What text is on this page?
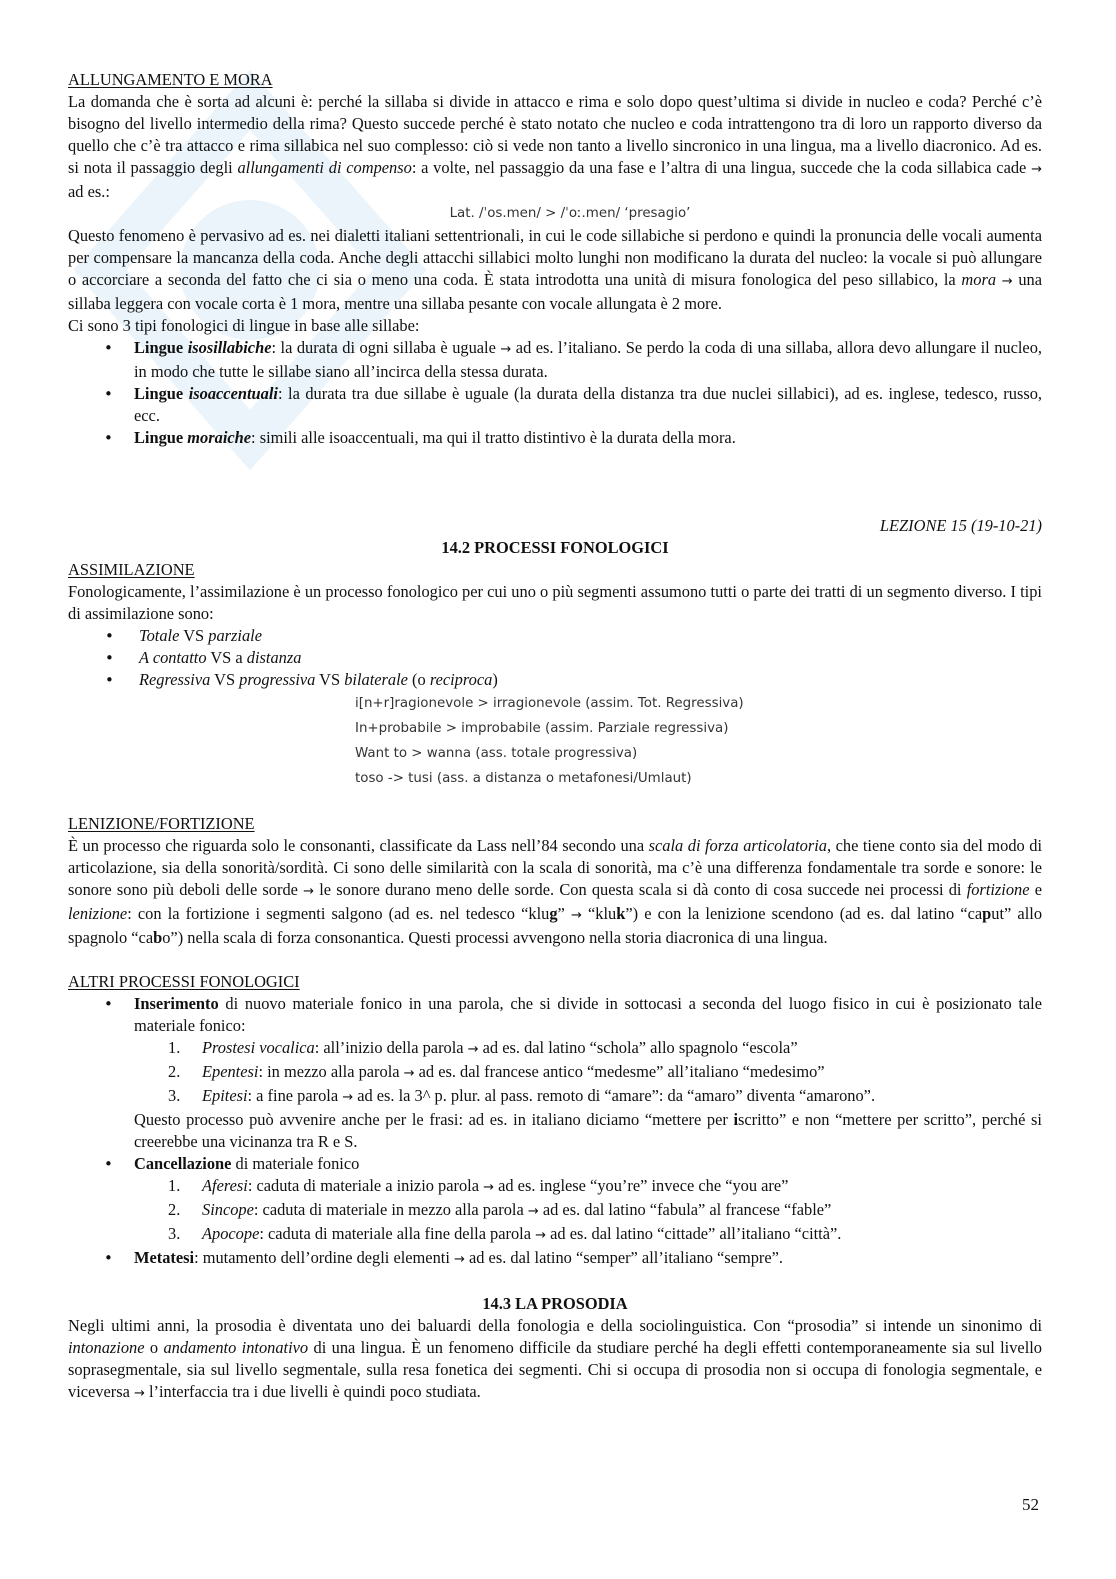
ALLUNGAMENTO E MORA

La domanda che è sorta ad alcuni è: perché la sillaba si divide in attacco e rima e solo dopo quest’ultima si divide in nucleo e coda? Perché c’è bisogno del livello intermedio della rima? Questo succede perché è stato notato che nucleo e coda intrattengono tra di loro un rapporto diverso da quello che c’è tra attacco e rima sillabica nel suo complesso: ciò si vede non tanto a livello sincronico in una lingua, ma a livello diacronico. Ad es. si nota il passaggio degli allungamenti di compenso: a volte, nel passaggio da una fase e l’altra di una lingua, succede che la coda sillabica cade → ad es.:

Lat. /ˈos.men/ > /ˈoː.men/ ‘presagio’

Questo fenomeno è pervasivo ad es. nei dialetti italiani settentrionali, in cui le code sillabiche si perdono e quindi la pronuncia delle vocali aumenta per compensare la mancanza della coda. Anche degli attacchi sillabici molto lunghi non modificano la durata del nucleo: la vocale si può allungare o accorciare a seconda del fatto che ci sia o meno una coda. È stata introdotta una unità di misura fonologica del peso sillabico, la mora → una sillaba leggera con vocale corta è 1 mora, mentre una sillaba pesante con vocale allungata è 2 more.

Ci sono 3 tipi fonologici di lingue in base alle sillabe:

• Lingue isosillabiche: la durata di ogni sillaba è uguale → ad es. l’italiano. Se perdo la coda di una sillaba, allora devo allungare il nucleo, in modo che tutte le sillabe siano all’incirca della stessa durata.
• Lingue isoaccentuali: la durata tra due sillabe è uguale (la durata della distanza tra due nuclei sillabici), ad es. inglese, tedesco, russo, ecc.
• Lingue moraiche: simili alle isoaccentuali, ma qui il tratto distintivo è la durata della mora.
LEZIONE 15 (19-10-21)
14.2 PROCESSI FONOLOGICI
ASSIMILAZIONE

Fonologicamente, l’assimilazione è un processo fonologico per cui uno o più segmenti assumono tutti o parte dei tratti di un segmento diverso. I tipi di assimilazione sono:

• Totale VS parziale
• A contatto VS a distanza
• Regressiva VS progressiva VS bilaterale (o reciproca)
i[n+r]ragionevole > irragionevole (assim. Tot. Regressiva)
In+probabile > improbabile (assim. Parziale regressiva)
Want to > wanna (ass. totale progressiva)
toso -> tusi (ass. a distanza o metafonesi/Umlaut)
LENIZIONE/FORTIZIONE

È un processo che riguarda solo le consonanti, classificate da Lass nell’84 secondo una scala di forza articolatoria, che tiene conto sia del modo di articolazione, sia della sonorità/sordità. Ci sono delle similarità con la scala di sonorità, ma c’è una differenza fondamentale tra sorde e sonore: le sonore sono più deboli delle sorde → le sonore durano meno delle sorde. Con questa scala si dà conto di cosa succede nei processi di fortizione e lenizione: con la fortizione i segmenti salgono (ad es. nel tedesco “klug” → “kluk”) e con la lenizione scendono (ad es. dal latino “caput” allo spagnolo “cabo”) nella scala di forza consonantica. Questi processi avvengono nella storia diacronica di una lingua.

ALTRI PROCESSI FONOLOGICI
• Inserimento di nuovo materiale fonico in una parola, che si divide in sottocasi a seconda del luogo fisico in cui è posizionato tale materiale fonico:
1. Prostesi vocalica: all’inizio della parola → ad es. dal latino “schola” allo spagnolo “escola”
2. Epentesi: in mezzo alla parola → ad es. dal francese antico “medesme” all’italiano “medesimo”
3. Epitesi: a fine parola → ad es. la 3^ p. plur. al pass. remoto di “amare”: da “amaro” diventa “amarono”.
Questo processo può avvenire anche per le frasi: ad es. in italiano diciamo “mettere per iscritto” e non “mettere per scritto”, perché si creerebbe una vicinanza tra R e S.
• Cancellazione di materiale fonico
1. Aferesi: caduta di materiale a inizio parola → ad es. inglese “you’re” invece che “you are”
2. Sincope: caduta di materiale in mezzo alla parola → ad es. dal latino “fabula” al francese “fable”
3. Apocope: caduta di materiale alla fine della parola → ad es. dal latino “cittade” all’italiano “città”.
• Metatesi: mutamento dell’ordine degli elementi → ad es. dal latino “semper” all’italiano “sempre”.
14.3 LA PROSODIA

Negli ultimi anni, la prosodia è diventata uno dei baluardi della fonologia e della sociolinguistica. Con “prosodia” si intende un sinonimo di intonazione o andamento intonativo di una lingua. È un fenomeno difficile da studiare perché ha degli effetti contemporaneamente sia sul livello soprasegmentale, sia sul livello segmentale, sulla resa fonetica dei segmenti. Chi si occupa di prosodia non si occupa di fonologia segmentale, e viceversa → l’interfaccia tra i due livelli è quindi poco studiata.

52
